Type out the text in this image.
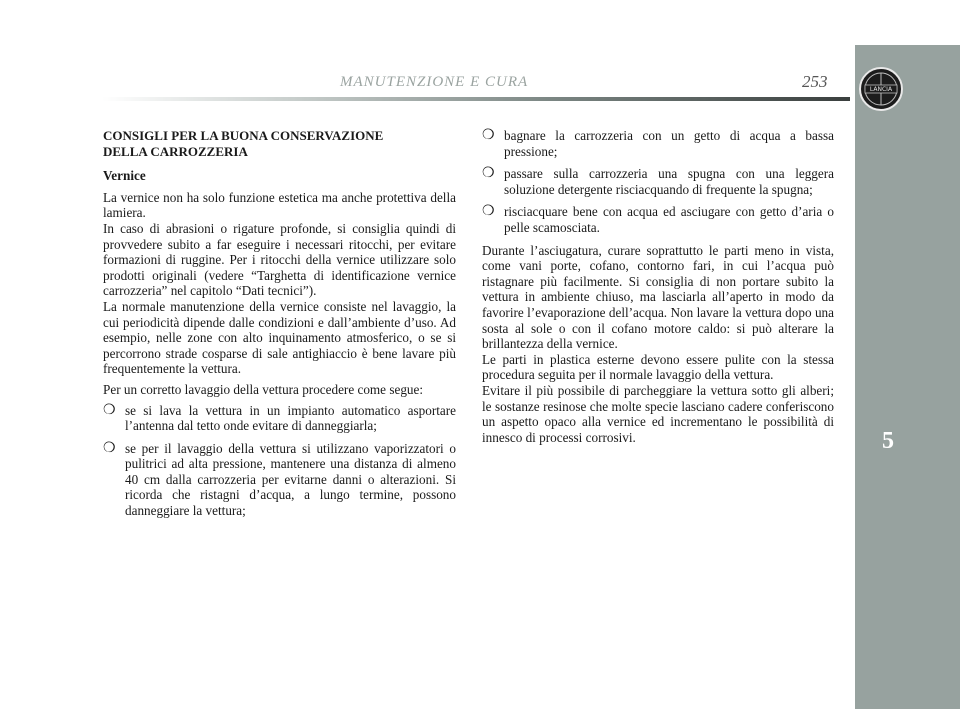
LANCIA
5
MANUTENZIONE E CURA	253
CONSIGLI PER LA BUONA CONSERVAZIONE
DELLA CARROZZERIA
Vernice

La vernice non ha solo funzione estetica ma anche protettiva della lamiera.

In caso di abrasioni o rigature profonde, si consiglia quindi di provvedere subito a far eseguire i necessari ritocchi, per evitare formazioni di ruggine. Per i ritocchi della vernice utilizzare solo prodotti originali (vedere “Targhetta di identificazione vernice carrozzeria” nel capitolo “Dati tecnici”).

La normale manutenzione della vernice consiste nel lavaggio, la cui periodicità dipende dalle condizioni e dall’ambiente d’uso. Ad esempio, nelle zone con alto inquinamento atmosferico, o se si percorrono strade cosparse di sale antighiaccio è bene lavare più frequentemente la vettura.

Per un corretto lavaggio della vettura procedere come segue:

❍ se si lava la vettura in un impianto automatico asportare l’antenna dal tetto onde evitare di danneggiarla;
❍ se per il lavaggio della vettura si utilizzano vaporizzatori o pulitrici ad alta pressione, mantenere una distanza di almeno 40 cm dalla carrozzeria per evitarne danni o alterazioni. Si ricorda che ristagni d’acqua, a lungo termine, possono danneggiare la vettura;
❍ bagnare la carrozzeria con un getto di acqua a bassa pressione;
❍ passare sulla carrozzeria una spugna con una leggera soluzione detergente risciacquando di frequente la spugna;
❍ risciacquare bene con acqua ed asciugare con getto d’aria o pelle scamosciata.

Durante l’asciugatura, curare soprattutto le parti meno in vista, come vani porte, cofano, contorno fari, in cui l’acqua può ristagnare più facilmente. Si consiglia di non portare subito la vettura in ambiente chiuso, ma lasciarla all’aperto in modo da favorire l’evaporazione dell’acqua. Non lavare la vettura dopo una sosta al sole o con il cofano motore caldo: si può alterare la brillantezza della vernice.

Le parti in plastica esterne devono essere pulite con la stessa procedura seguita per il normale lavaggio della vettura.

Evitare il più possibile di parcheggiare la vettura sotto gli alberi; le sostanze resinose che molte specie lasciano cadere conferiscono un aspetto opaco alla vernice ed incrementano le possibilità di innesco di processi corrosivi.
